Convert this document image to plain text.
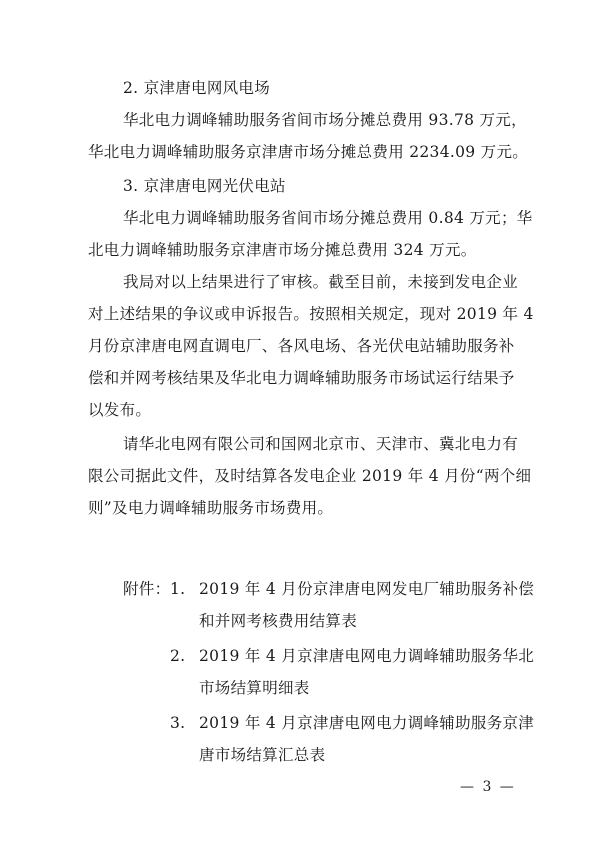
2. 京津唐电网风电场
华北电力调峰辅助服务省间市场分摊总费用 93.78 万元，
华北电力调峰辅助服务京津唐市场分摊总费用 2234.09 万元。
3. 京津唐电网光伏电站
华北电力调峰辅助服务省间市场分摊总费用 0.84 万元；华
北电力调峰辅助服务京津唐市场分摊总费用 324 万元。
我局对以上结果进行了审核。截至目前，未接到发电企业
对上述结果的争议或申诉报告。按照相关规定，现对 2019 年 4
月份京津唐电网直调电厂、各风电场、各光伏电站辅助服务补
偿和并网考核结果及华北电力调峰辅助服务市场试运行结果予
以发布。
请华北电网有限公司和国网北京市、天津市、冀北电力有
限公司据此文件，及时结算各发电企业 2019 年 4 月份“两个细
则”及电力调峰辅助服务市场费用。
附件： 1. 2019 年 4 月份京津唐电网发电厂辅助服务补偿
和并网考核费用结算表
2. 2019 年 4 月京津唐电网电力调峰辅助服务华北
市场结算明细表
3. 2019 年 4 月京津唐电网电力调峰辅助服务京津
唐市场结算汇总表
— 3 —
